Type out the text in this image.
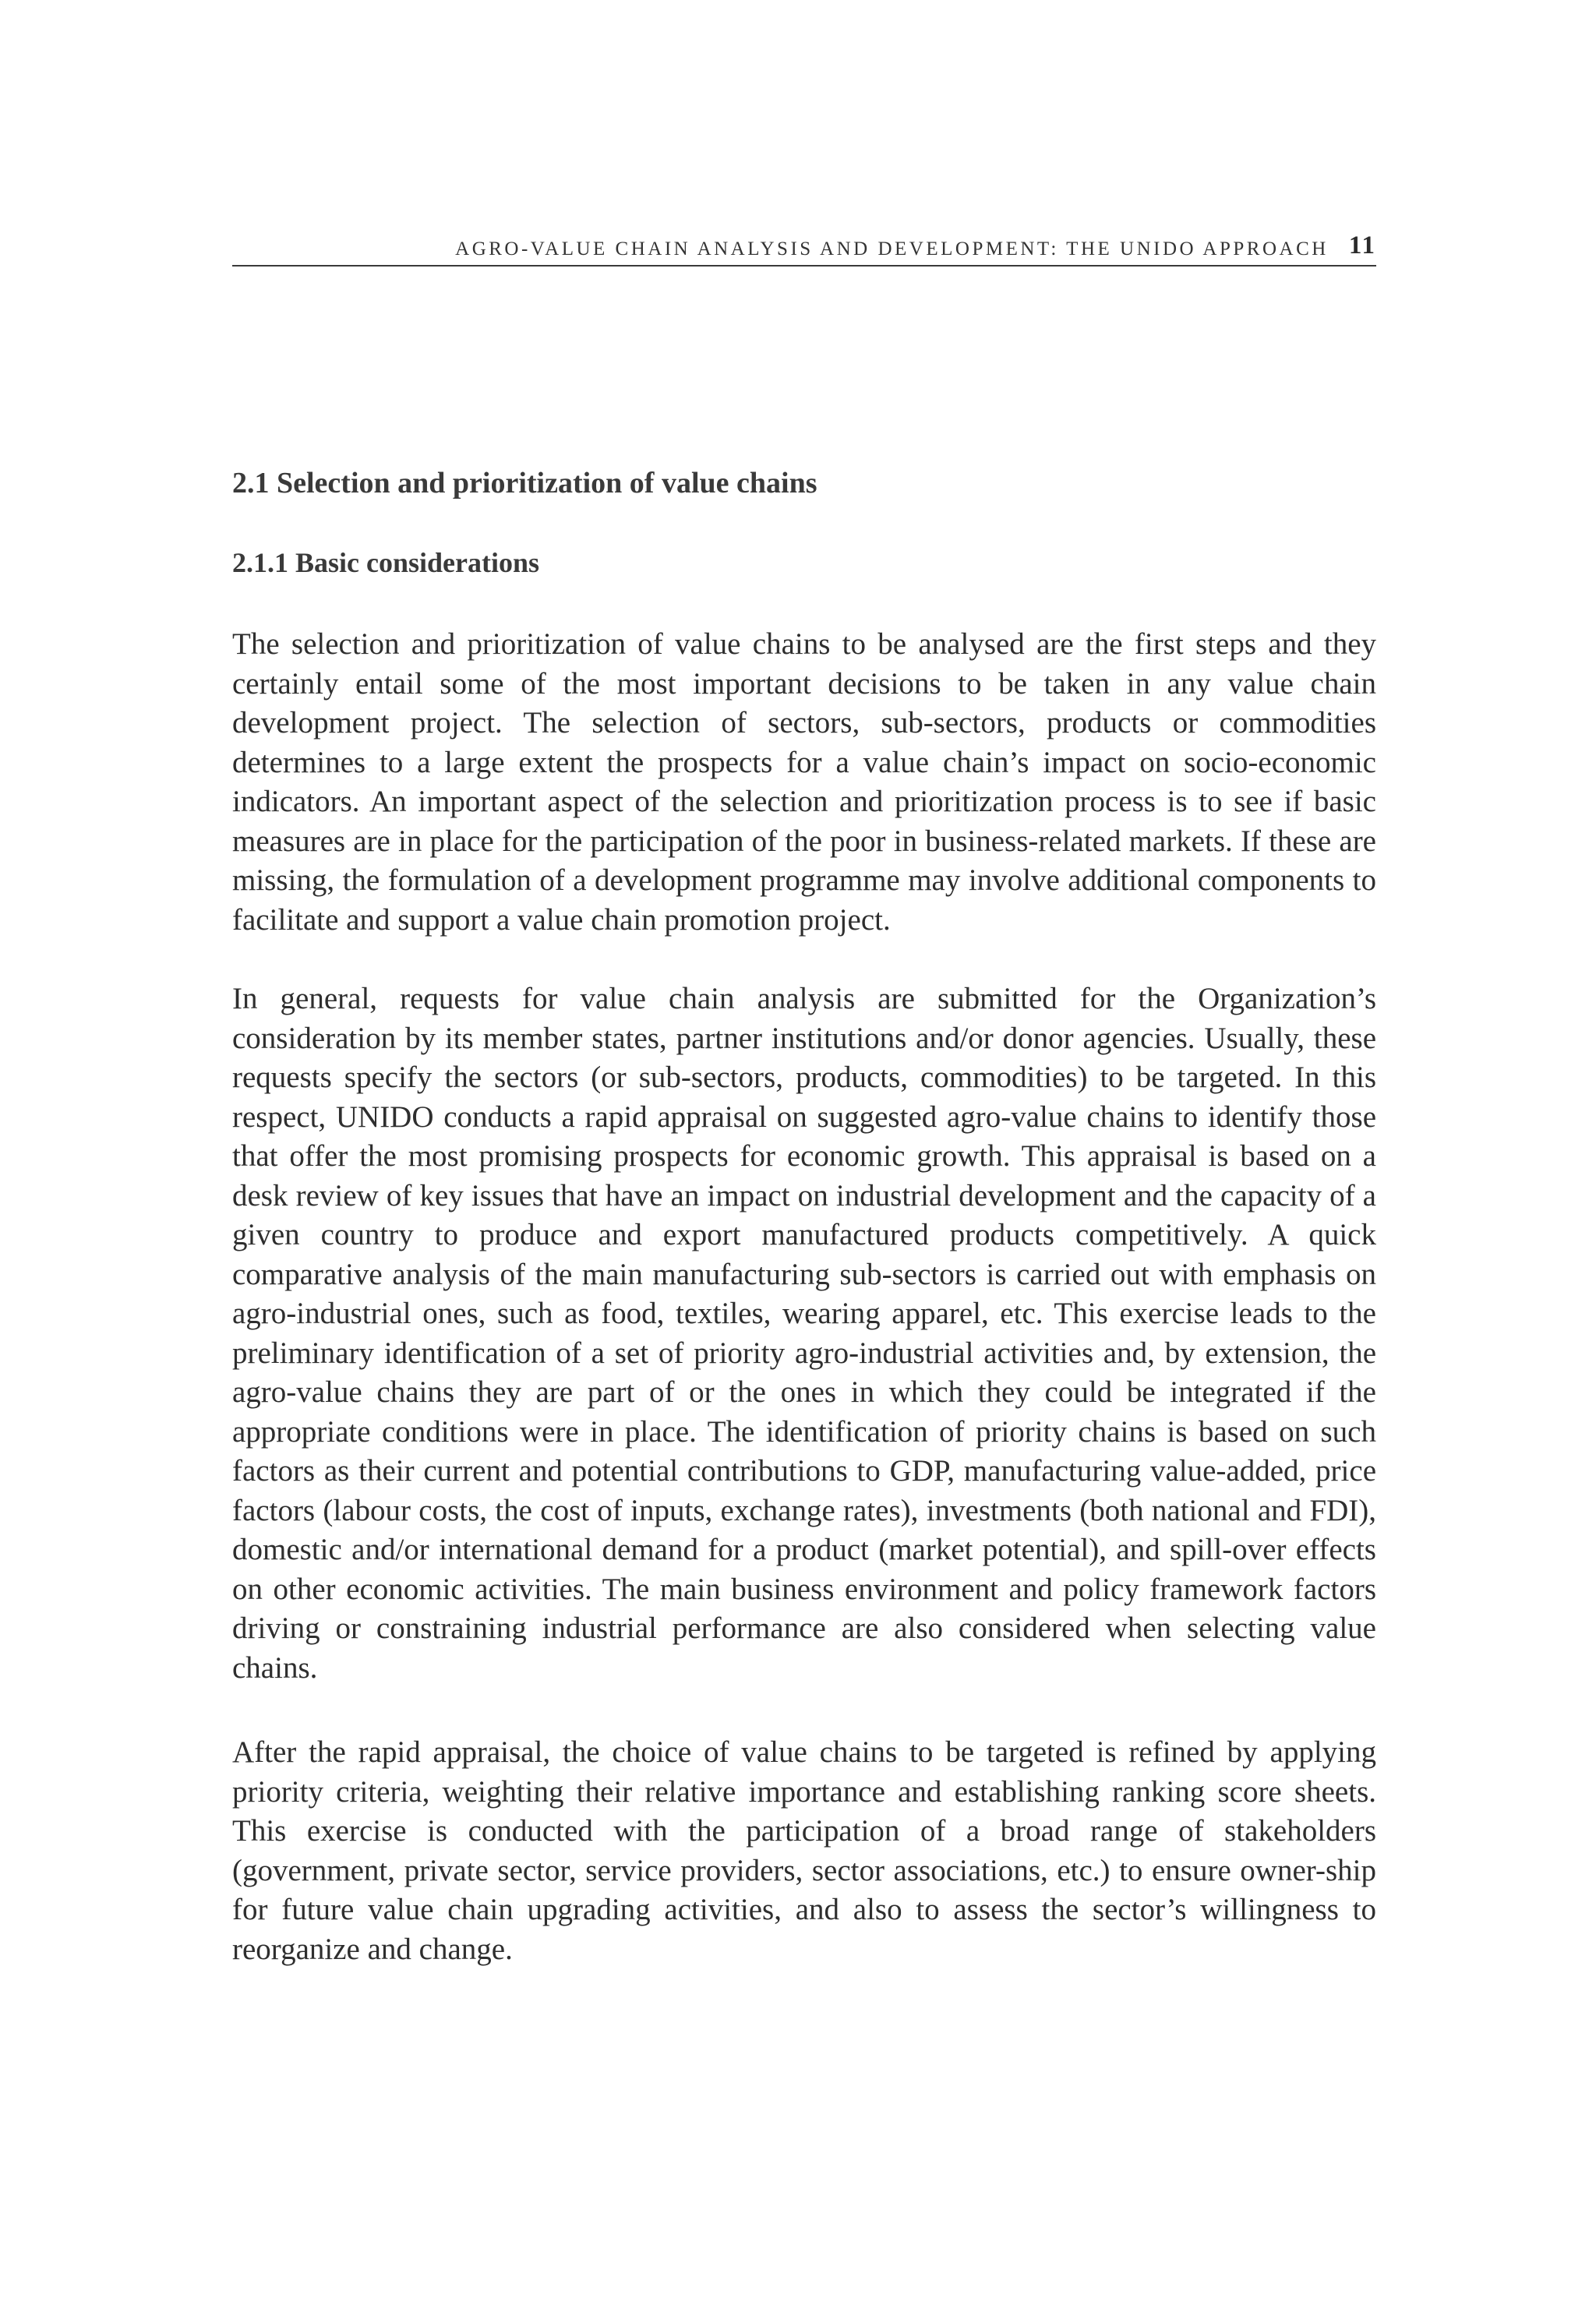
AGRO-VALUE CHAIN ANALYSIS AND DEVELOPMENT: THE UNIDO APPROACH 11
2.1 Selection and prioritization of value chains
2.1.1 Basic considerations

The selection and prioritization of value chains to be analysed are the first steps and they certainly entail some of the most important decisions to be taken in any value chain development project. The selection of sectors, sub-sectors, products or commodities determines to a large extent the prospects for a value chain’s impact on socio-economic indicators. An important aspect of the selection and prioritization process is to see if basic measures are in place for the participation of the poor in business-related markets. If these are missing, the formulation of a development programme may involve additional components to facilitate and support a value chain promotion project.

In general, requests for value chain analysis are submitted for the Organization’s consideration by its member states, partner institutions and/or donor agencies. Usually, these requests specify the sectors (or sub-sectors, products, commodities) to be targeted. In this respect, UNIDO conducts a rapid appraisal on suggested agro-value chains to identify those that offer the most promising prospects for economic growth. This appraisal is based on a desk review of key issues that have an impact on industrial development and the capacity of a given country to produce and export manufactured products competitively. A quick comparative analysis of the main manufacturing sub-sectors is carried out with emphasis on agro-industrial ones, such as food, textiles, wearing apparel, etc. This exercise leads to the preliminary identification of a set of priority agro-industrial activities and, by extension, the agro-value chains they are part of or the ones in which they could be integrated if the appropriate conditions were in place. The identification of priority chains is based on such factors as their current and potential contributions to GDP, manufacturing value-added, price factors (labour costs, the cost of inputs, exchange rates), investments (both national and FDI), domestic and/or international demand for a product (market potential), and spill-over effects on other economic activities. The main business environment and policy framework factors driving or constraining industrial performance are also considered when selecting value chains.

After the rapid appraisal, the choice of value chains to be targeted is refined by applying priority criteria, weighting their relative importance and establishing ranking score sheets. This exercise is conducted with the participation of a broad range of stakeholders (government, private sector, service providers, sector associations, etc.) to ensure owner-ship for future value chain upgrading activities, and also to assess the sector’s willingness to reorganize and change.
